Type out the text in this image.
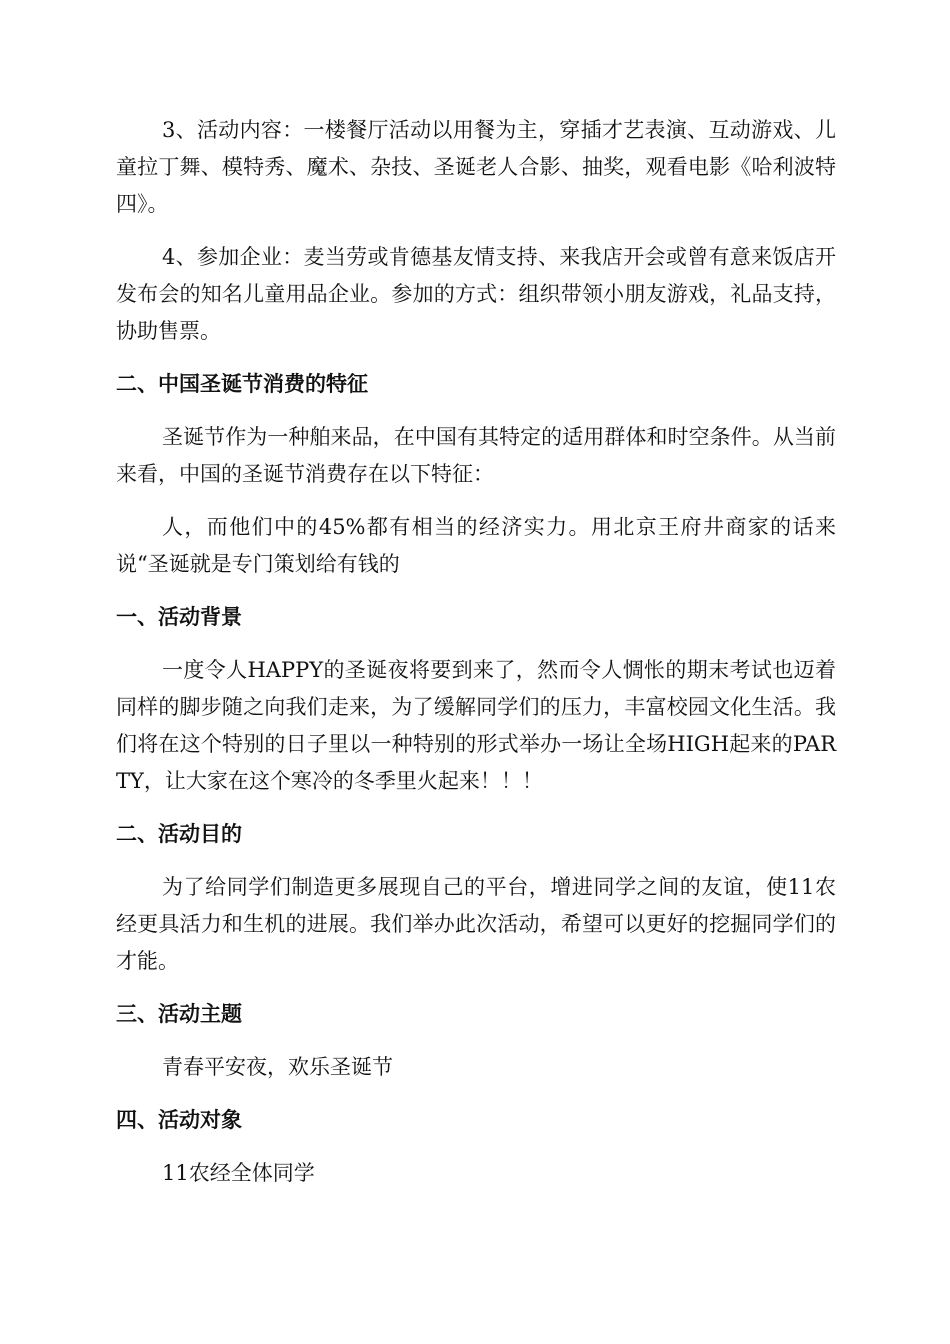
3、活动内容：一楼餐厅活动以用餐为主，穿插才艺表演、互动游戏、儿童拉丁舞、模特秀、魔术、杂技、圣诞老人合影、抽奖，观看电影《哈利波特四》。

4、参加企业：麦当劳或肯德基友情支持、来我店开会或曾有意来饭店开发布会的知名儿童用品企业。参加的方式：组织带领小朋友游戏，礼品支持，协助售票。

二、中国圣诞节消费的特征

圣诞节作为一种舶来品，在中国有其特定的适用群体和时空条件。从当前来看，中国的圣诞节消费存在以下特征：

人，而他们中的45%都有相当的经济实力。用北京王府井商家的话来说“圣诞就是专门策划给有钱的

一、活动背景

一度令人HAPPY的圣诞夜将要到来了，然而令人惆怅的期末考试也迈着同样的脚步随之向我们走来，为了缓解同学们的压力，丰富校园文化生活。我们将在这个特别的日子里以一种特别的形式举办一场让全场HIGH起来的PARTY，让大家在这个寒冷的冬季里火起来！！！

二、活动目的

为了给同学们制造更多展现自己的平台，增进同学之间的友谊，使11农经更具活力和生机的进展。我们举办此次活动，希望可以更好的挖掘同学们的才能。

三、活动主题

青春平安夜，欢乐圣诞节

四、活动对象

11农经全体同学
